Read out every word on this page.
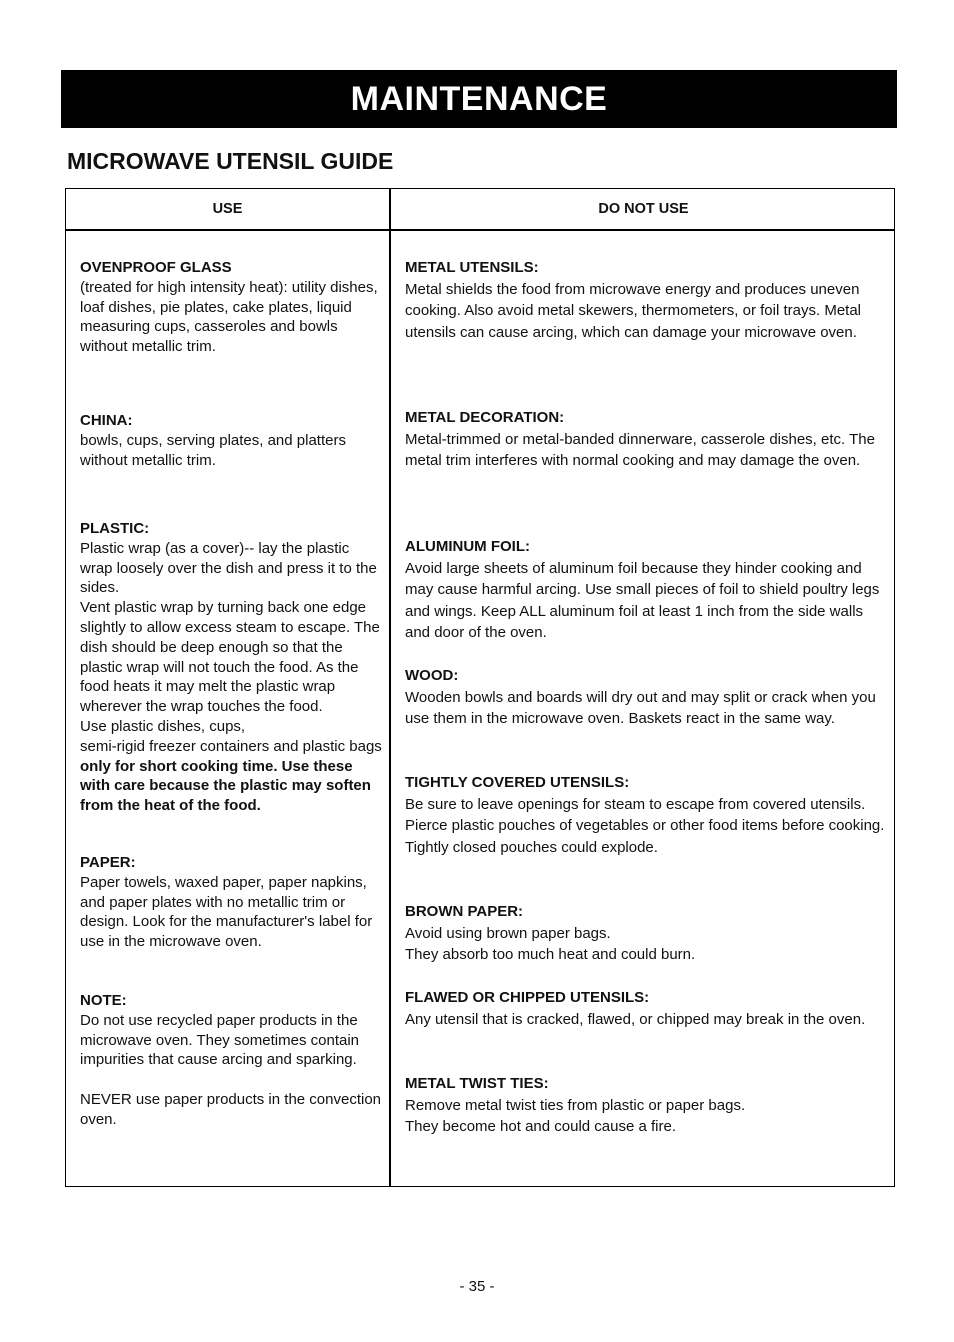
MAINTENANCE
MICROWAVE UTENSIL GUIDE
USE	DO NOT USE
OVENPROOF GLASS
(treated for high intensity heat): utility dishes, loaf dishes, pie plates, cake plates, liquid measuring cups, casseroles and bowls without metallic trim.
CHINA:
bowls, cups, serving plates, and platters without metallic trim.
PLASTIC:
Plastic wrap (as a cover)-- lay the plastic wrap loosely over the dish and press it to the sides.
Vent plastic wrap by turning back one edge slightly to allow excess steam to escape. The dish should be deep enough so that the plastic wrap will not touch the food. As the food heats it may melt the plastic wrap wherever the wrap touches the food.
Use plastic dishes, cups,
semi-rigid freezer containers and plastic bags only for short cooking time. Use these with care because the plastic may soften from the heat of the food.
PAPER:
Paper towels, waxed paper, paper napkins, and paper plates with no metallic trim or design. Look for the manufacturer's label for use in the microwave oven.
NOTE:
Do not use recycled paper products in the microwave oven. They sometimes contain impurities that cause arcing and sparking.
NEVER use paper products in the convection oven.
METAL UTENSILS:
Metal shields the food from microwave energy and produces uneven cooking. Also avoid metal skewers, thermometers, or foil trays. Metal utensils can cause arcing, which can damage your microwave oven.
METAL DECORATION:
Metal-trimmed or metal-banded dinnerware, casserole dishes, etc. The metal trim interferes with normal cooking and may damage the oven.
ALUMINUM FOIL:
Avoid large sheets of aluminum foil because they hinder cooking and may cause harmful arcing. Use small pieces of foil to shield poultry legs and wings. Keep ALL aluminum foil at least 1 inch from the side walls and door of the oven.
WOOD:
Wooden bowls and boards will dry out and may split or crack when you use them in the microwave oven. Baskets react in the same way.
TIGHTLY COVERED UTENSILS:
Be sure to leave openings for steam to escape from covered utensils. Pierce plastic pouches of vegetables or other food items before cooking. Tightly closed pouches could explode.
BROWN PAPER:
Avoid using brown paper bags.
They absorb too much heat and could burn.
FLAWED OR CHIPPED UTENSILS:
Any utensil that is cracked, flawed, or chipped may break in the oven.
METAL TWIST TIES:
Remove metal twist ties from plastic or paper bags.
They become hot and could cause a fire.
- 35 -
